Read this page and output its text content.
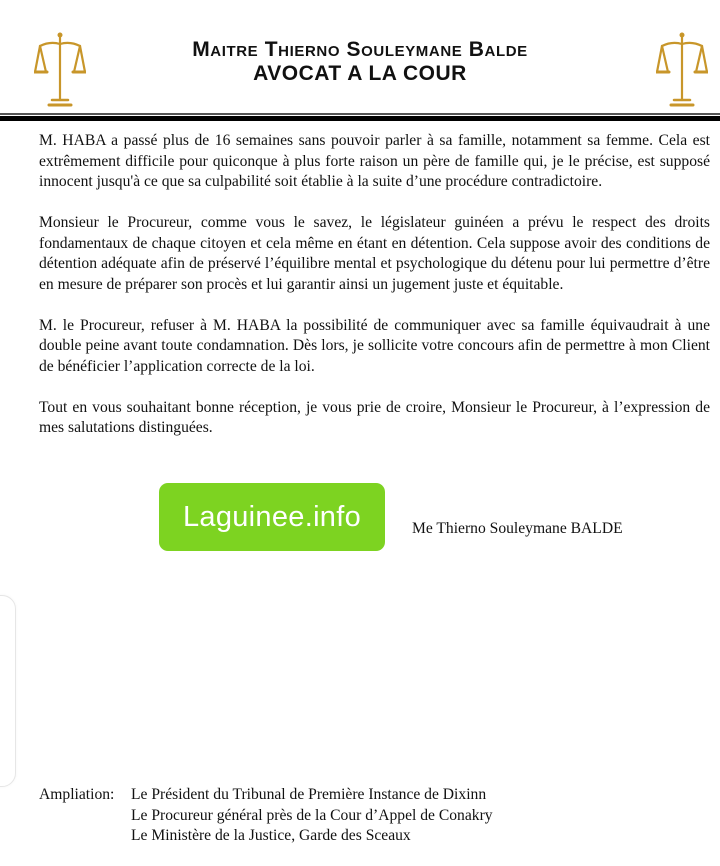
Maitre Thierno Souleymane Balde
AVOCAT A LA COUR

M. HABA a passé plus de 16 semaines sans pouvoir parler à sa famille, notamment sa femme. Cela est extrêmement difficile pour quiconque à plus forte raison un père de famille qui, je le précise, est supposé innocent jusqu'à ce que sa culpabilité soit établie à la suite d’une procédure contradictoire.

Monsieur le Procureur, comme vous le savez, le législateur guinéen a prévu le respect des droits fondamentaux de chaque citoyen et cela même en étant en détention. Cela suppose avoir des conditions de détention adéquate afin de préservé l’équilibre mental et psychologique du détenu pour lui permettre d’être en mesure de préparer son procès et lui garantir ainsi un jugement juste et équitable.

M. le Procureur, refuser à M. HABA la possibilité de communiquer avec sa famille équivaudrait à une double peine avant toute condamnation. Dès lors, je sollicite votre concours afin de permettre à mon Client de bénéficier l’application correcte de la loi.

Tout en vous souhaitant bonne réception, je vous prie de croire, Monsieur le Procureur, à l’expression de mes salutations distinguées.

Laguinee.info	Me Thierno Souleymane BALDE
Ampliation:	Le Président du Tribunal de Première Instance de Dixinn
Le Procureur général près de la Cour d’Appel de Conakry
Le Ministère de la Justice, Garde des Sceaux
